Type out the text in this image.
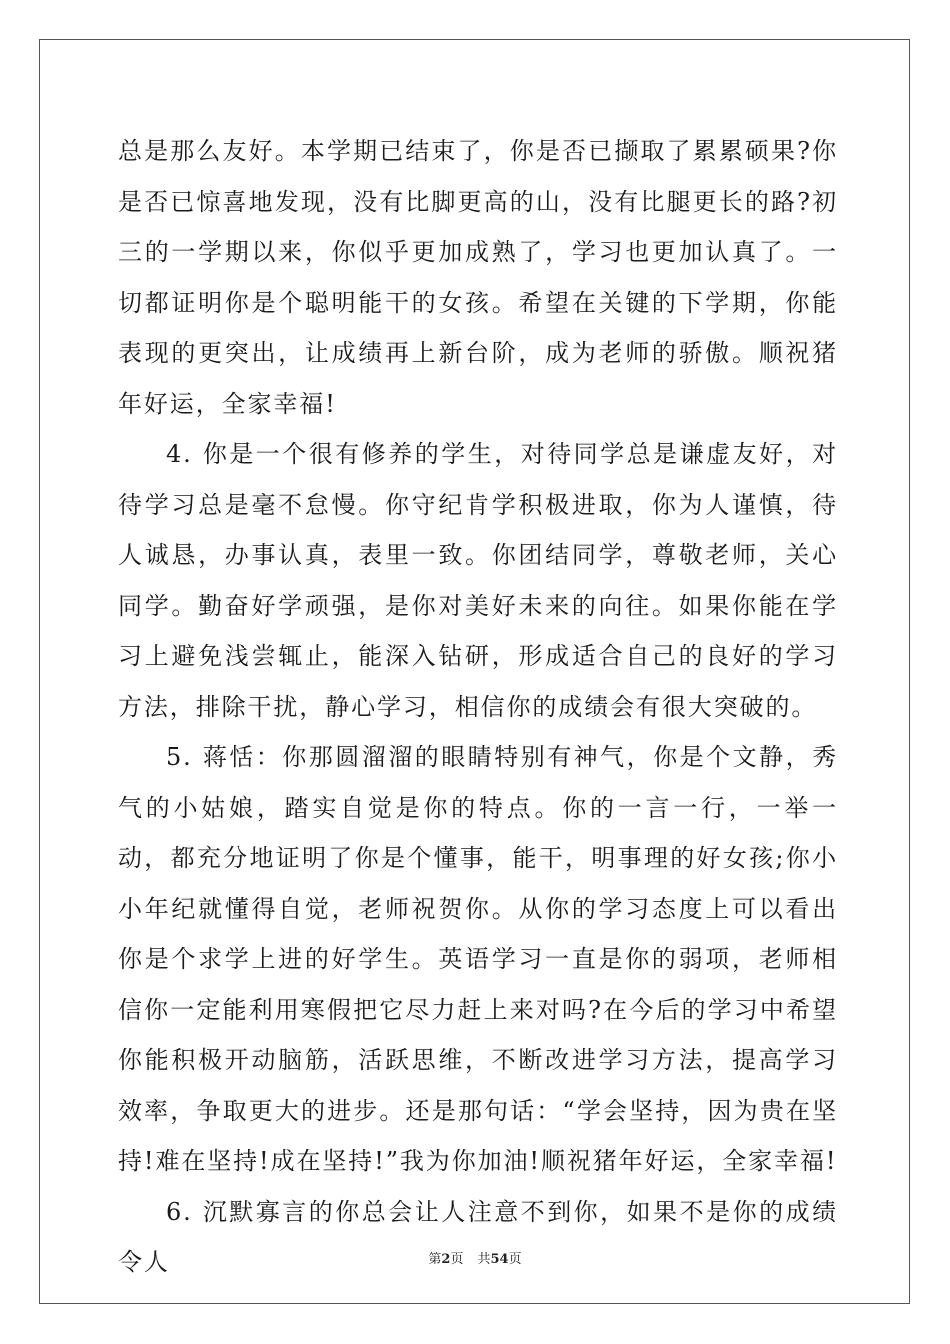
总是那么友好。本学期已结束了，你是否已撷取了累累硕果?你是否已惊喜地发现，没有比脚更高的山，没有比腿更长的路?初三的一学期以来，你似乎更加成熟了，学习也更加认真了。一切都证明你是个聪明能干的女孩。希望在关键的下学期，你能表现的更突出，让成绩再上新台阶，成为老师的骄傲。顺祝猪年好运，全家幸福!

4. 你是一个很有修养的学生，对待同学总是谦虚友好，对待学习总是毫不怠慢。你守纪肯学积极进取，你为人谨慎，待人诚恳，办事认真，表里一致。你团结同学，尊敬老师，关心同学。勤奋好学顽强，是你对美好未来的向往。如果你能在学习上避免浅尝辄止，能深入钻研，形成适合自己的良好的学习方法，排除干扰，静心学习，相信你的成绩会有很大突破的。

5. 蒋恬：你那圆溜溜的眼睛特别有神气，你是个文静，秀气的小姑娘，踏实自觉是你的特点。你的一言一行，一举一动，都充分地证明了你是个懂事，能干，明事理的好女孩;你小小年纪就懂得自觉，老师祝贺你。从你的学习态度上可以看出你是个求学上进的好学生。英语学习一直是你的弱项，老师相信你一定能利用寒假把它尽力赶上来对吗?在今后的学习中希望你能积极开动脑筋，活跃思维，不断改进学习方法，提高学习效率，争取更大的进步。还是那句话：“学会坚持，因为贵在坚持!难在坚持!成在坚持!”我为你加油!顺祝猪年好运，全家幸福!

6. 沉默寡言的你总会让人注意不到你，如果不是你的成绩令人	第2页 共54页
